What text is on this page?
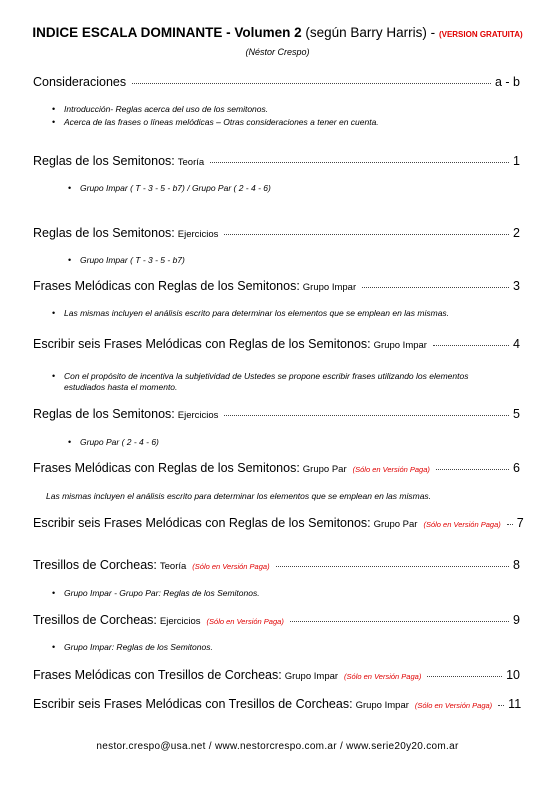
INDICE ESCALA DOMINANTE - Volumen 2 (según Barry Harris) - (VERSION GRATUITA)
(Néstor Crespo)
Consideraciones	a - b
• Introducción- Reglas acerca del uso de los semitonos.
• Acerca de las frases o líneas melódicas – Otras consideraciones a tener en cuenta.
Reglas de los Semitonos: Teoría	1
• Grupo Impar ( T - 3 - 5 - b7) / Grupo Par ( 2 - 4 - 6)
Reglas de los Semitonos: Ejercicios	2
• Grupo Impar ( T - 3 - 5 - b7)
Frases Melódicas con Reglas de los Semitonos: Grupo Impar	3
• Las mismas incluyen el análisis escrito para determinar los elementos que se emplean en las mismas.
Escribir seis Frases Melódicas con Reglas de los Semitonos: Grupo Impar	4
• Con el propósito de incentiva la subjetividad de Ustedes se propone escribir frases utilizando los elementos estudiados hasta el momento.
Reglas de los Semitonos: Ejercicios	5
• Grupo Par ( 2 - 4 - 6)
Frases Melódicas con Reglas de los Semitonos: Grupo Par (Sólo en Versión Paga)	6
Las mismas incluyen el análisis escrito para determinar los elementos que se emplean en las mismas.
Escribir seis Frases Melódicas con Reglas de los Semitonos: Grupo Par (Sólo en Versión Paga) 7
Tresillos de Corcheas: Teoría (Sólo en Versión Paga)	8
• Grupo Impar - Grupo Par: Reglas de los Semitonos.
Tresillos de Corcheas: Ejercicios (Sólo en Versión Paga)	9
• Grupo Impar: Reglas de los Semitonos.
Frases Melódicas con Tresillos de Corcheas: Grupo Impar (Sólo en Versión Paga)	10
Escribir seis Frases Melódicas con Tresillos de Corcheas: Grupo Impar (Sólo en Versión Paga) 11
nestor.crespo@usa.net / www.nestorcrespo.com.ar / www.serie20y20.com.ar
